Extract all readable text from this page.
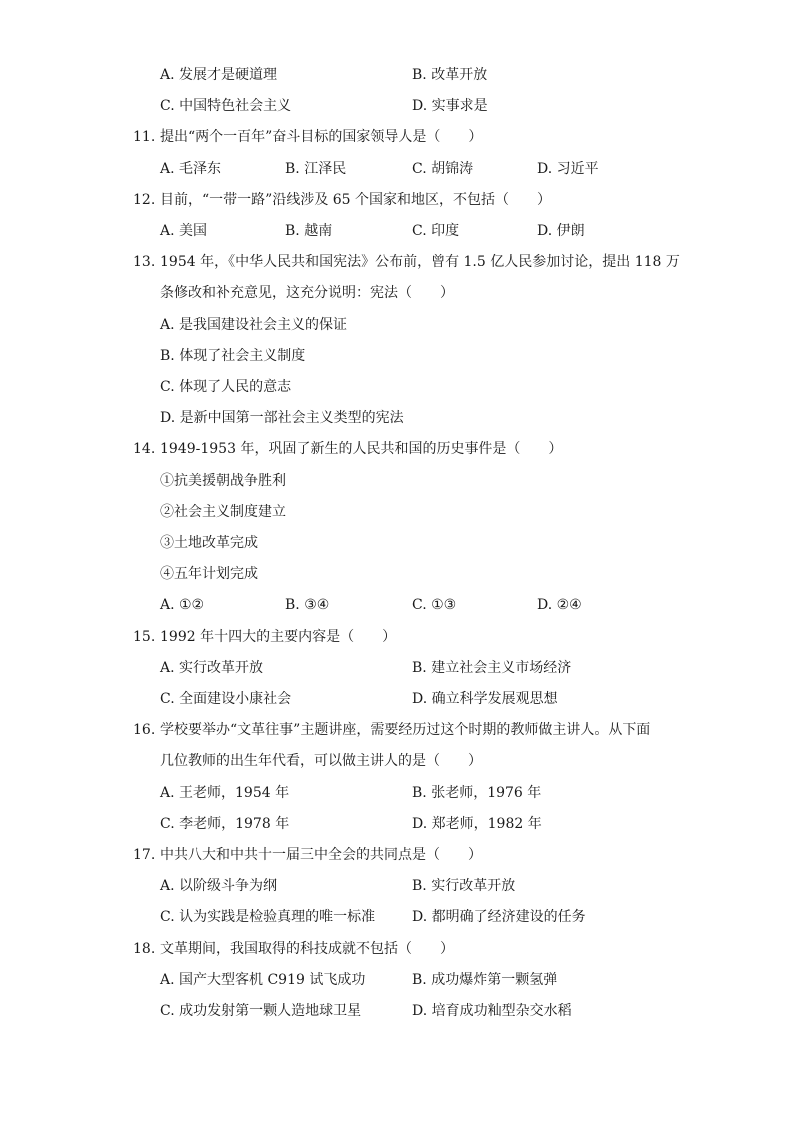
A. 发展才是硬道理	B. 改革开放
C. 中国特色社会主义	D. 实事求是
11. 提出“两个一百年”奋斗目标的国家领导人是（　　）
A. 毛泽东	B. 江泽民	C. 胡锦涛	D. 习近平
12. 目前，“一带一路”沿线涉及 65 个国家和地区，不包括（　　）
A. 美国	B. 越南	C. 印度	D. 伊朗
13. 1954 年，《中华人民共和国宪法》公布前，曾有 1.5 亿人民参加讨论，提出 118 万
条修改和补充意见，这充分说明：宪法（　　）
A. 是我国建设社会主义的保证
B. 体现了社会主义制度
C. 体现了人民的意志
D. 是新中国第一部社会主义类型的宪法
14. 1949-1953 年，巩固了新生的人民共和国的历史事件是（　　）
①抗美援朝战争胜利
②社会主义制度建立
③土地改革完成
④五年计划完成
A. ①②	B. ③④	C. ①③	D. ②④
15. 1992 年十四大的主要内容是（　　）
A. 实行改革开放	B. 建立社会主义市场经济
C. 全面建设小康社会	D. 确立科学发展观思想
16. 学校要举办“文革往事”主题讲座，需要经历过这个时期的教师做主讲人。从下面
几位教师的出生年代看，可以做主讲人的是（　　）
A. 王老师，1954 年	B. 张老师，1976 年
C. 李老师，1978 年	D. 郑老师，1982 年
17. 中共八大和中共十一届三中全会的共同点是（　　）
A. 以阶级斗争为纲	B. 实行改革开放
C. 认为实践是检验真理的唯一标准	D. 都明确了经济建设的任务
18. 文革期间，我国取得的科技成就不包括（　　）
A. 国产大型客机 C919 试飞成功	B. 成功爆炸第一颗氢弹
C. 成功发射第一颗人造地球卫星	D. 培育成功籼型杂交水稻
